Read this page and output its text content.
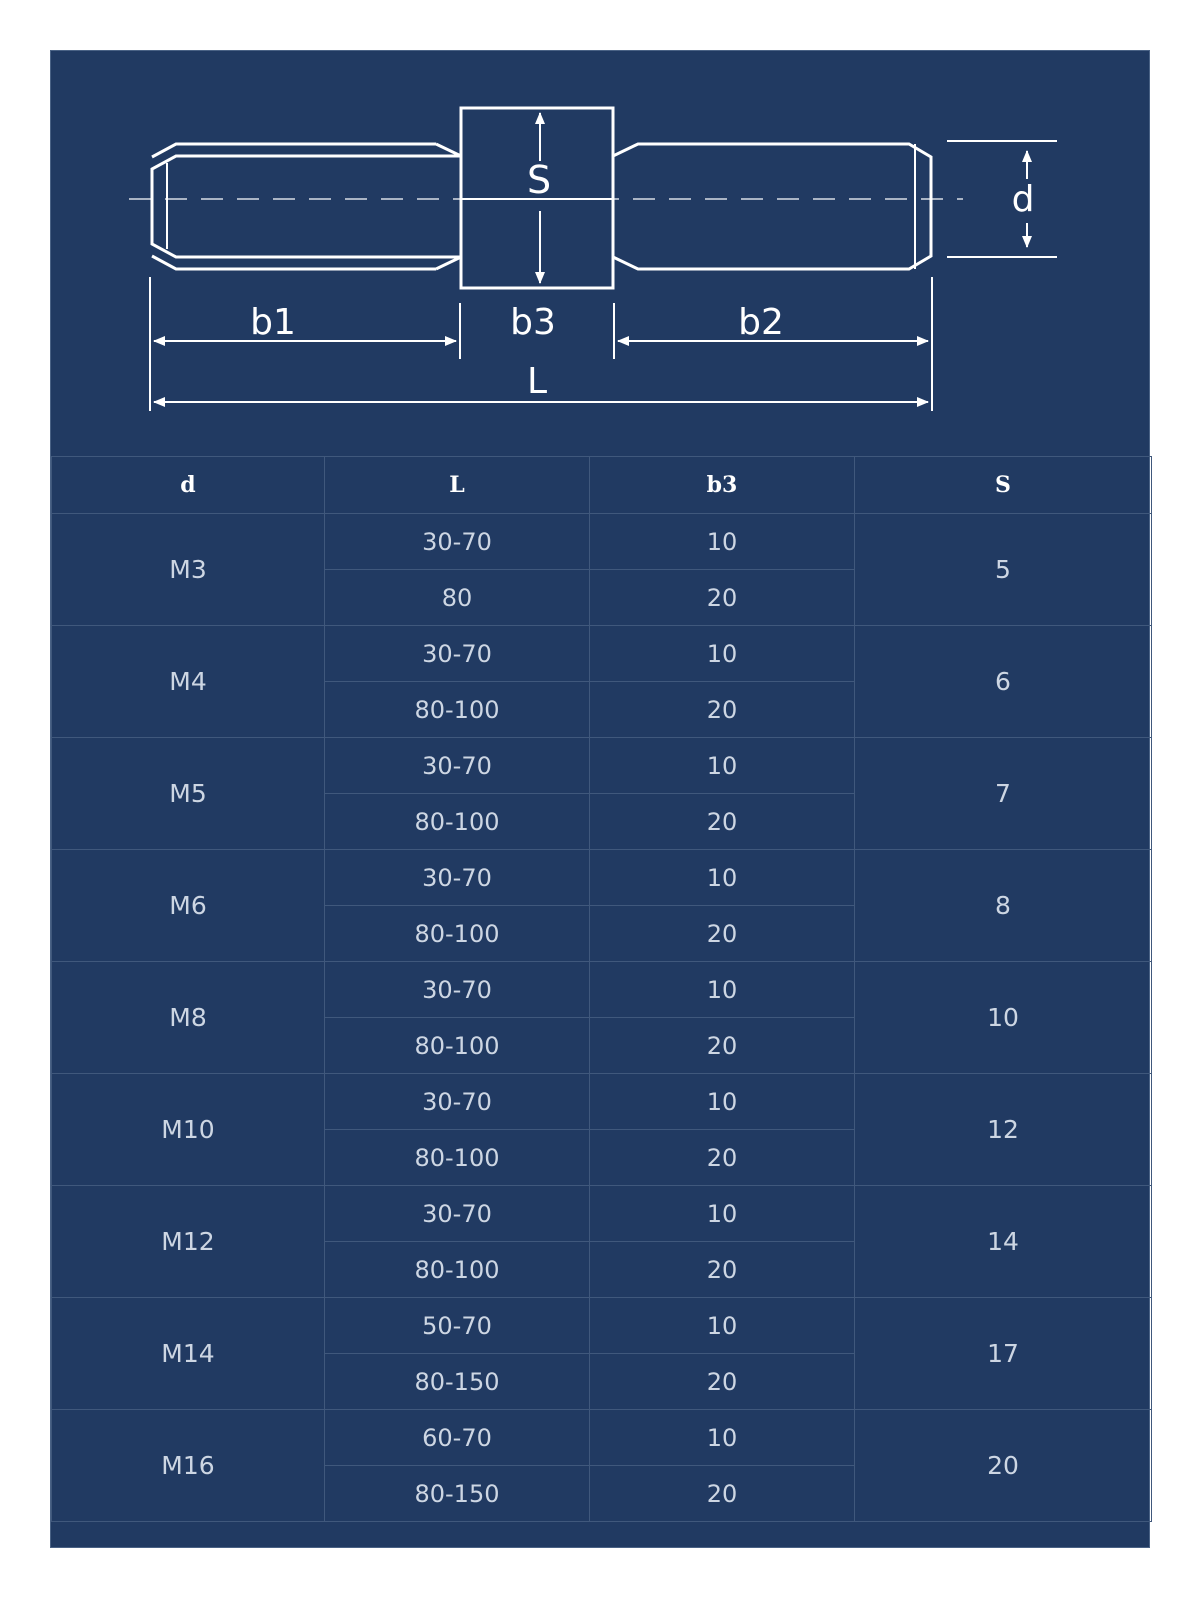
S	d
b1	b3	b2
L
d	L	b3	S
M3	30-70	10	5
	80	20	
M4	30-70	10	6
	80-100	20	
M5	30-70	10	7
	80-100	20	
M6	30-70	10	8
	80-100	20	
M8	30-70	10	10
	80-100	20	
M10	30-70	10	12
	80-100	20	
M12	30-70	10	14
	80-100	20	
M14	50-70	10	17
	80-150	20	
M16	60-70	10	20
	80-150	20	
